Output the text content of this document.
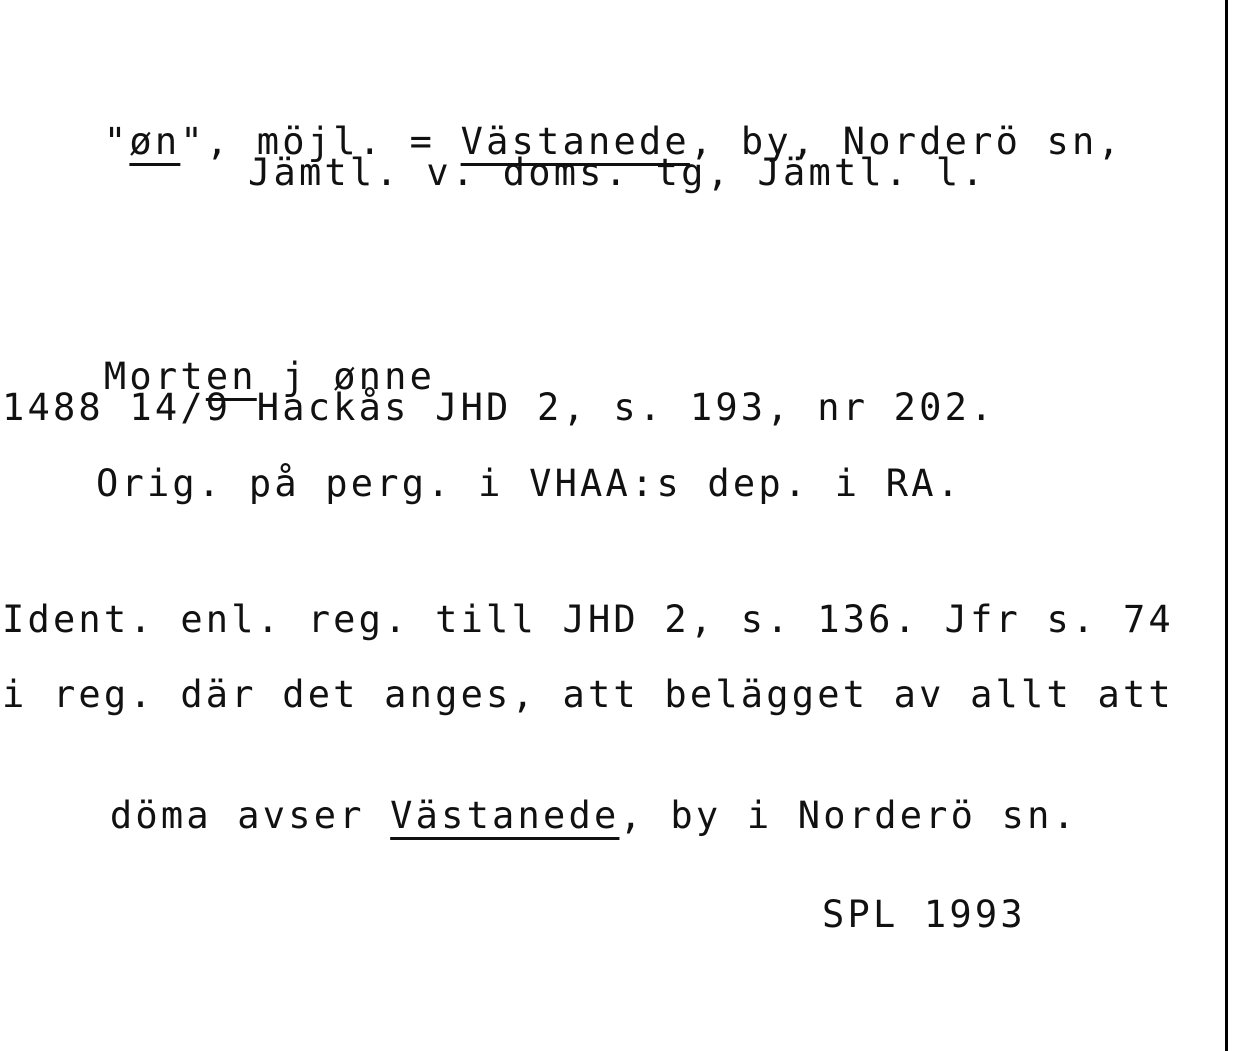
"øn", möjl. = Västanede, by, Norderö sn,

Jämtl. v. doms. tg, Jämtl. l.

Morten j ønne

1488 14/9 Hackås JHD 2, s. 193, nr 202.
Orig. på perg. i VHAA:s dep. i RA.
Ident. enl. reg. till JHD 2, s. 136. Jfr s. 74
i reg. där det anges, att belägget av allt att

döma avser Västanede, by i Norderö sn.

SPL 1993
